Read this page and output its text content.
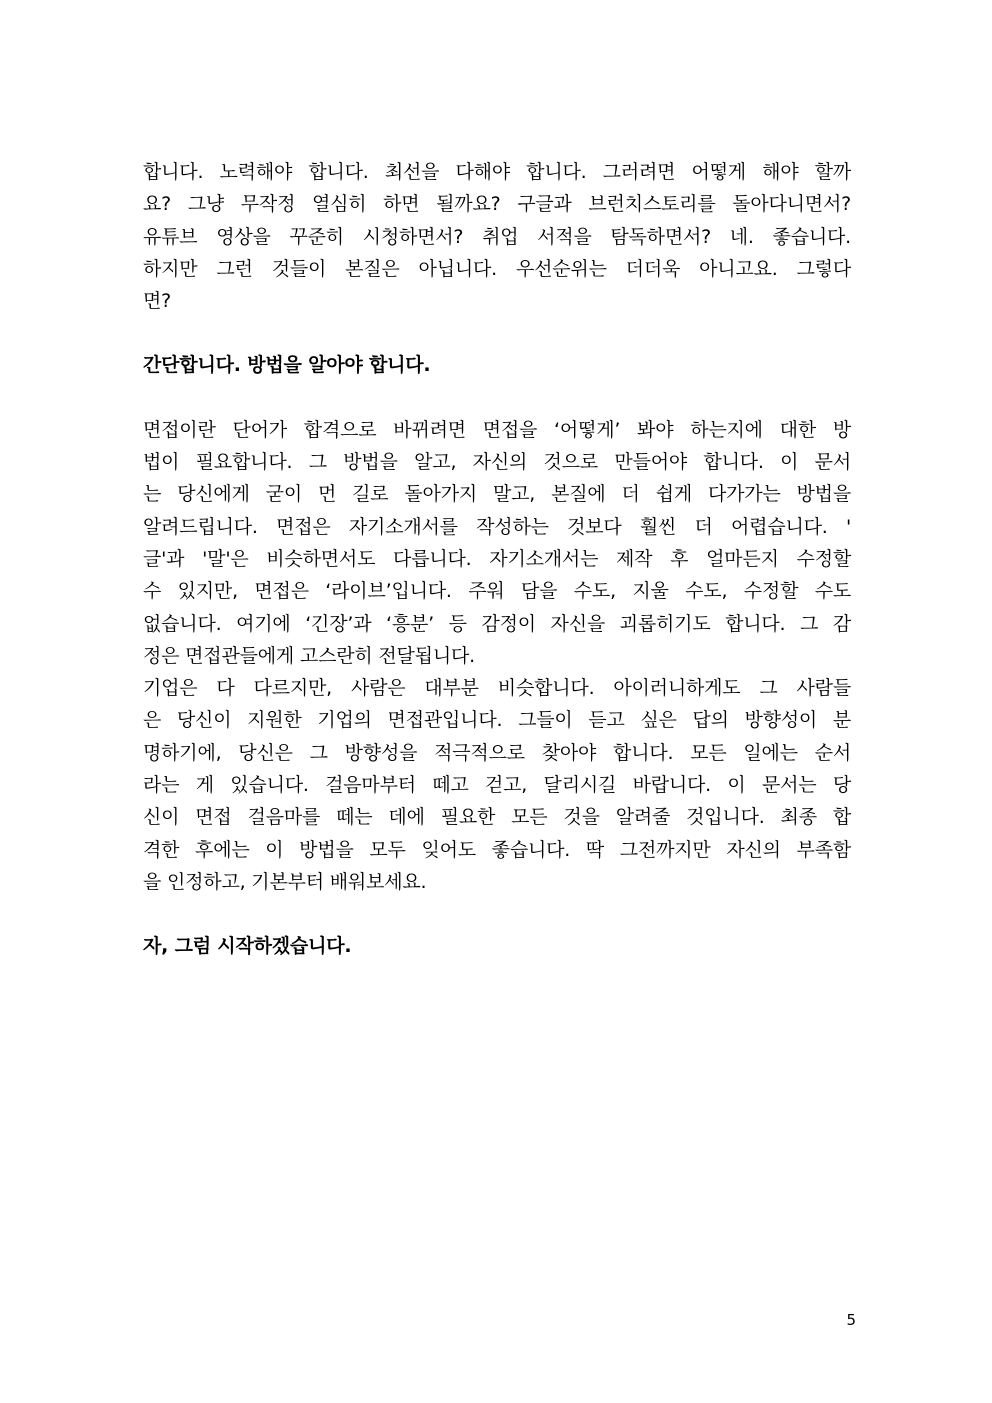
합니다. 노력해야 합니다. 최선을 다해야 합니다. 그러려면 어떻게 해야 할까
요? 그냥 무작정 열심히 하면 될까요? 구글과 브런치스토리를 돌아다니면서?
유튜브 영상을 꾸준히 시청하면서? 취업 서적을 탐독하면서? 네. 좋습니다.
하지만 그런 것들이 본질은 아닙니다. 우선순위는 더더욱 아니고요. 그렇다
면?
간단합니다. 방법을 알아야 합니다.
면접이란 단어가 합격으로 바뀌려면 면접을 ‘어떻게’ 봐야 하는지에 대한 방
법이 필요합니다. 그 방법을 알고, 자신의 것으로 만들어야 합니다. 이 문서
는 당신에게 굳이 먼 길로 돌아가지 말고, 본질에 더 쉽게 다가가는 방법을
알려드립니다. 면접은 자기소개서를 작성하는 것보다 훨씬 더 어렵습니다. '
글'과 '말'은 비슷하면서도 다릅니다. 자기소개서는 제작 후 얼마든지 수정할
수 있지만, 면접은 ‘라이브’입니다. 주워 담을 수도, 지울 수도, 수정할 수도
없습니다. 여기에 ‘긴장’과 ‘흥분’ 등 감정이 자신을 괴롭히기도 합니다. 그 감
정은 면접관들에게 고스란히 전달됩니다.
기업은 다 다르지만, 사람은 대부분 비슷합니다. 아이러니하게도 그 사람들
은 당신이 지원한 기업의 면접관입니다. 그들이 듣고 싶은 답의 방향성이 분
명하기에, 당신은 그 방향성을 적극적으로 찾아야 합니다. 모든 일에는 순서
라는 게 있습니다. 걸음마부터 떼고 걷고, 달리시길 바랍니다. 이 문서는 당
신이 면접 걸음마를 떼는 데에 필요한 모든 것을 알려줄 것입니다. 최종 합
격한 후에는 이 방법을 모두 잊어도 좋습니다. 딱 그전까지만 자신의 부족함
을 인정하고, 기본부터 배워보세요.
자, 그럼 시작하겠습니다.
5
